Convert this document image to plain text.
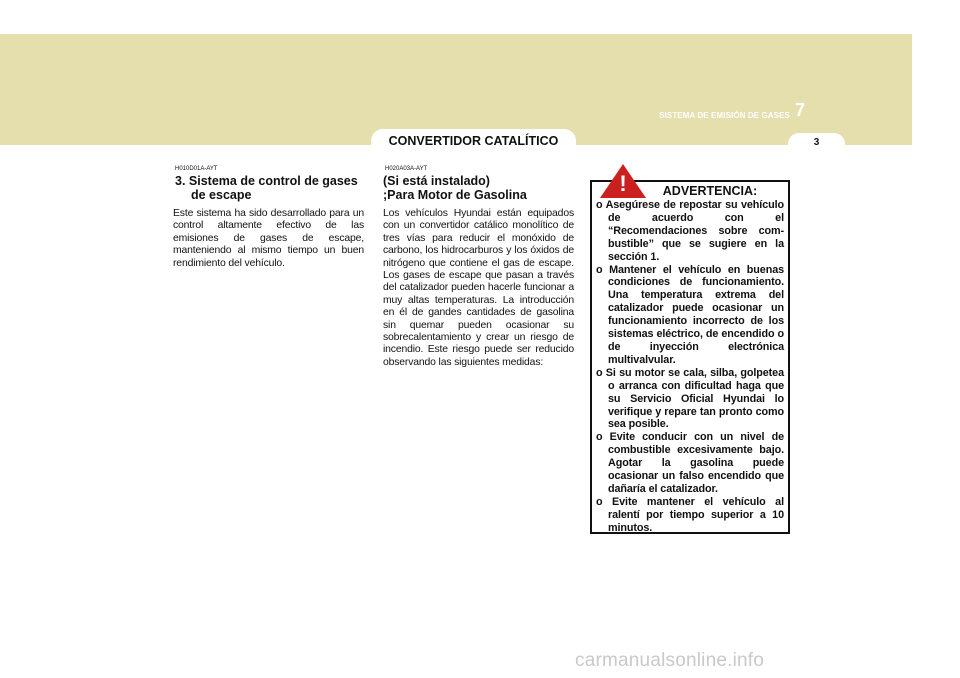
SISTEMA DE EMISIÓN DE GASES 7
3
CONVERTIDOR CATALÍTICO
H010D01A-AYT
3. Sistema de control de gases de escape

Este sistema ha sido desarrollado para un control altamente efectivo de las emisiones de gases de escape, manteniendo al mismo tiempo un buen rendimiento del vehículo.

H020A03A-AYT
(Si está instalado)
;Para Motor de Gasolina

Los vehículos Hyundai están equipados con un convertidor catálico monolítico de tres vías para reducir el monóxido de carbono, los hidrocarburos y los óxidos de nitrógeno que contiene el gas de escape. Los gases de escape que pasan a través del catalizador pueden hacerle funcionar a muy altas temperaturas. La introducción en él de gandes cantidades de gasolina sin quemar pueden ocasionar su sobrecalentamiento y crear un riesgo de incendio. Este riesgo puede ser reducido observando las siguientes medidas:

!	ADVERTENCIA:
o Asegúrese de repostar su vehículo de acuerdo con el “Recomendaciones sobre com-bustible” que se sugiere en la sección 1.
o Mantener el vehículo en buenas condiciones de funcionamiento. Una temperatura extrema del catalizador puede ocasionar un funcionamiento incorrecto de los sistemas eléctrico, de encendido o de inyección electrónica multivalvular.
o Si su motor se cala, silba, golpetea o arranca con dificultad haga que su Servicio Oficial Hyundai lo verifique y repare tan pronto como sea posible.
o Evite conducir con un nivel de combustible excesivamente bajo. Agotar la gasolina puede ocasionar un falso encendido que dañaría el catalizador.
o Evite mantener el vehículo al ralentí por tiempo superior a 10 minutos.
carmanualsonline.info
